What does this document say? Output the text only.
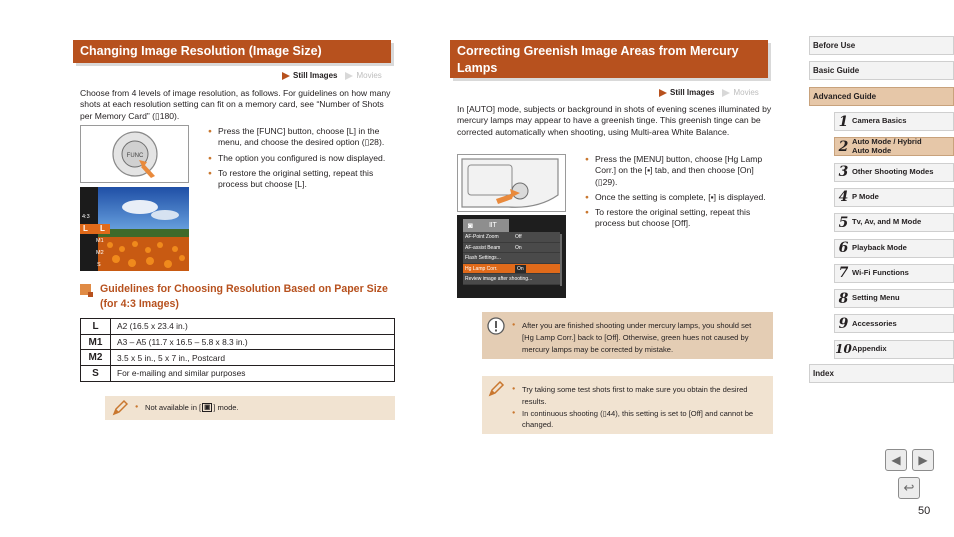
Changing Image Resolution (Image Size)
Still Images Movies
Choose from 4 levels of image resolution, as follows. For guidelines on how many shots at each resolution setting can fit on a memory card, see “Number of Shots per Memory Card” (▯180).
FUNC
4:3
L L
M1
M2
S
● Press the [FUNC] button, choose [L] in the menu, and choose the desired option (▯28).
● The option you configured is now displayed.
● To restore the original setting, repeat this process but choose [L].
Guidelines for Choosing Resolution Based on Paper Size (for 4:3 Images)
L	A2 (16.5 x 23.4 in.)
M1	A3 – A5 (11.7 x 16.5 – 5.8 x 8.3 in.)
M2	3.5 x 5 in., 5 x 7 in., Postcard
S	For e-mailing and similar purposes
● Not available in [ ▣ ] mode.
Correcting Greenish Image Areas from Mercury Lamps
Still Images Movies
In [AUTO] mode, subjects or background in shots of evening scenes illuminated by mercury lamps may appear to have a greenish tinge. This greenish tinge can be corrected automatically when shooting, using Multi-area White Balance.
◙ ⅡT
AF-Point Zoom	Off
AF-assist Beam	On
Flash Settings...
Hg Lamp Corr.	On
Review image after shooting...
● Press the [MENU] button, choose [Hg Lamp Corr.] on the [▪] tab, and then choose [On] (▯29).
● Once the setting is complete, [▪] is displayed.
● To restore the original setting, repeat this process but choose [Off].
● After you are finished shooting under mercury lamps, you should set [Hg Lamp Corr.] back to [Off]. Otherwise, green hues not caused by mercury lamps may be corrected by mistake.
● Try taking some test shots first to make sure you obtain the desired results.
● In continuous shooting (▯44), this setting is set to [Off] and cannot be changed.
Before Use
Basic Guide
Advanced Guide
1 Camera Basics
2 Auto Mode / Hybrid Auto Mode
3 Other Shooting Modes
4 P Mode
5 Tv, Av, and M Mode
6 Playback Mode
7 Wi-Fi Functions
8 Setting Menu
9 Accessories
10 Appendix
Index
◀ ▶
↩
50
